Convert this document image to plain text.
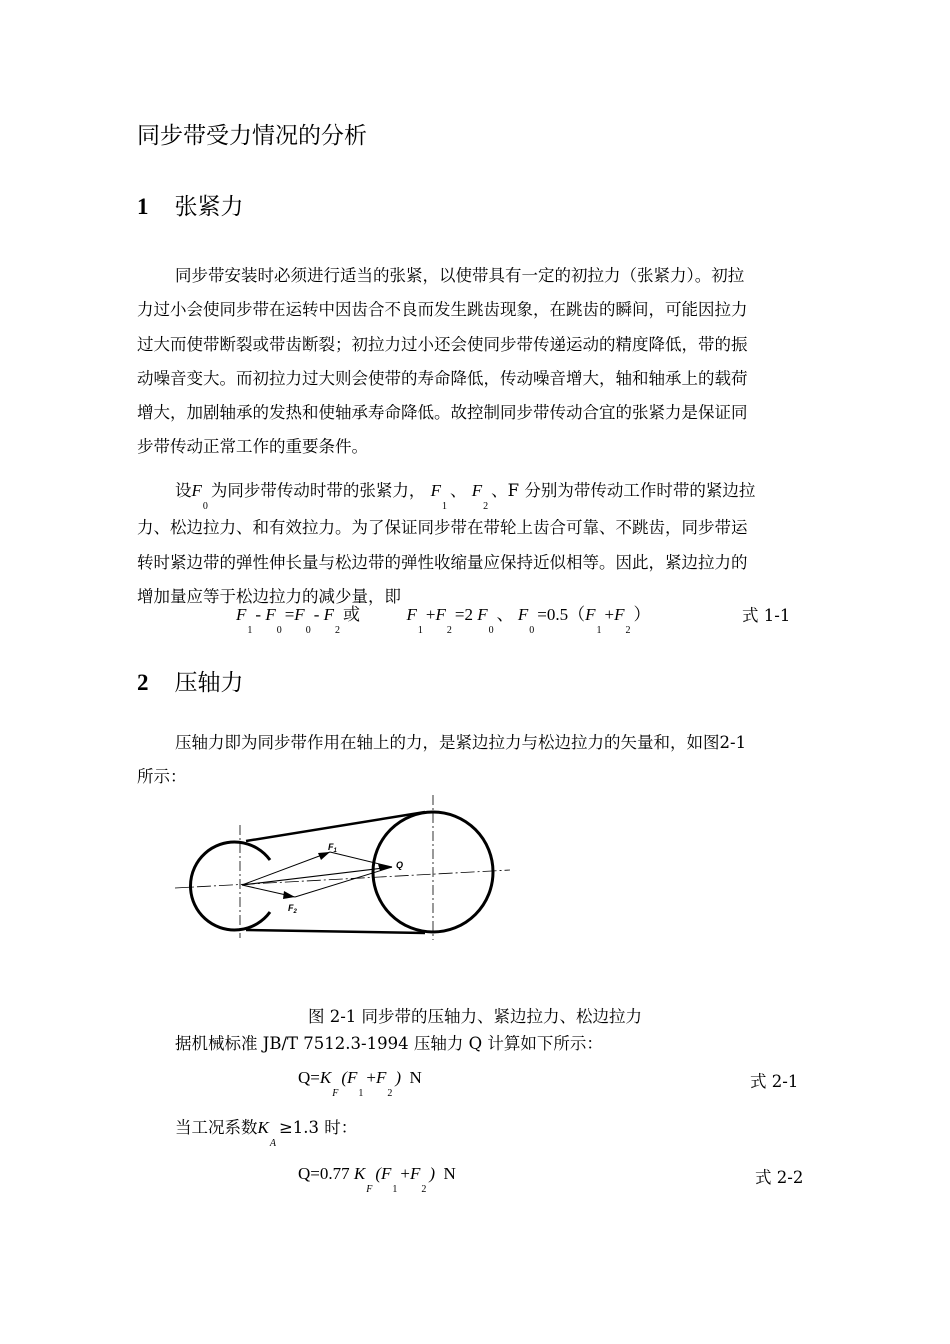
同步带受力情况的分析
1 张紧力
同步带安装时必须进行适当的张紧，以使带具有一定的初拉力（张紧力）。初拉
力过小会使同步带在运转中因齿合不良而发生跳齿现象，在跳齿的瞬间，可能因拉力
过大而使带断裂或带齿断裂；初拉力过小还会使同步带传递运动的精度降低，带的振
动噪音变大。而初拉力过大则会使带的寿命降低，传动噪音增大，轴和轴承上的载荷
增大，加剧轴承的发热和使轴承寿命降低。故控制同步带传动合宜的张紧力是保证同
步带传动正常工作的重要条件。
设$F_0$为同步带传动时带的张紧力， $F_1$、 $F_2$、F 分别为带传动工作时带的紧边拉
力、松边拉力、和有效拉力。为了保证同步带在带轮上齿合可靠、不跳齿，同步带运
转时紧边带的弹性伸长量与松边带的弹性收缩量应保持近似相等。因此，紧边拉力的
增加量应等于松边拉力的减少量，即
$F_1-$ $F_0=F_0-$ $F_2$或	$F_1+F_2=2$ $F_0$、 $F_0=0.5(F_1+F_2)$	式 1-1
2 压轴力
压轴力即为同步带作用在轴上的力，是紧边拉力与松边拉力的矢量和，如图2-1
所示：
$F_1$
$F_2$
Q
图 2-1 同步带的压轴力、紧边拉力、松边拉力
据机械标准 JB/T 7512.3-1994 压轴力 Q 计算如下所示：
$Q=K_F(F_1+F_2)$ N	式 2-1
当工况系数$K_A\ge 1.3$ 时：
Q=0.77 $K_F(F_1+F_2)$ N	式 2-2
